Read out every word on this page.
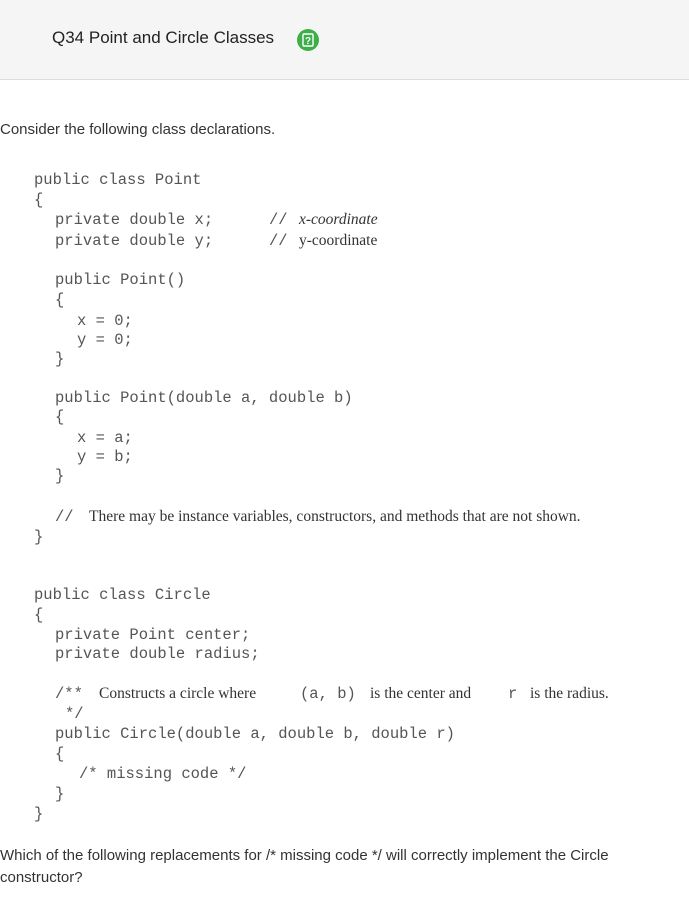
Q34 Point and Circle Classes	?
Consider the following class declarations.

public class Point

{

private double x;

	//

x-coordinate

private double y;

	//

y-coordinate

public Point()

{

x = 0;

y = 0;

}

public Point(double a, double b)

{

x = a;

y = b;

}

//

There may be instance variables, constructors, and methods that are not shown.

}

public class Circle

{

private Point center;

private double radius;

/**

Constructs a circle where

	(a, b)

is the center and

r

is the radius.

*/

public Circle(double a, double b, double r)

{

/* missing code */

}

}

Which of the following replacements for /* missing code */ will correctly implement the Circle constructor?
